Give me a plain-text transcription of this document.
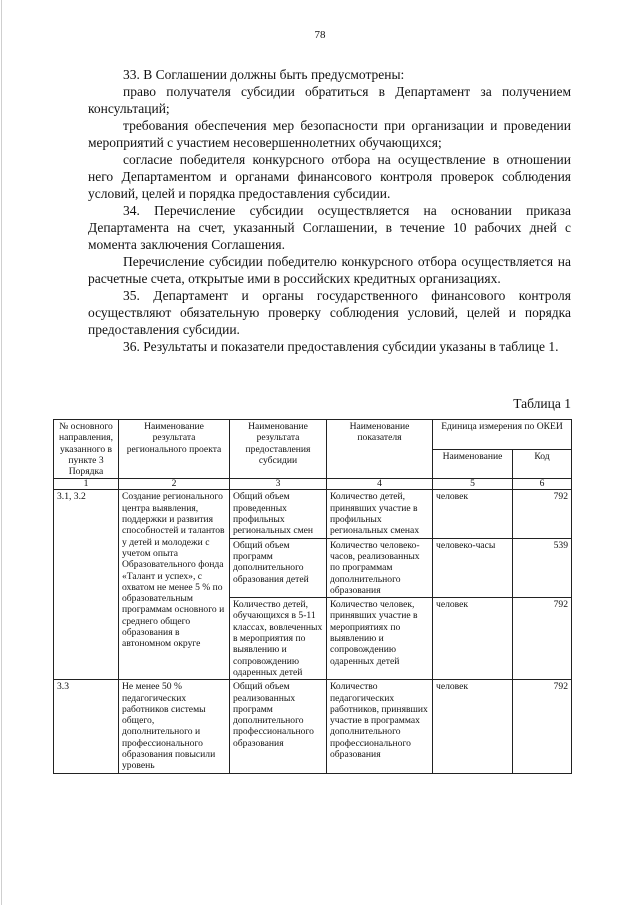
78

33. В Соглашении должны быть предусмотрены:

право получателя субсидии обратиться в Департамент за получением консультаций;

требования обеспечения мер безопасности при организации и проведении мероприятий с участием несовершеннолетних обучающихся;

согласие победителя конкурсного отбора на осуществление в отношении него Департаментом и органами финансового контроля проверок соблюдения условий, целей и порядка предоставления субсидии.

34. Перечисление субсидии осуществляется на основании приказа Департамента на счет, указанный Соглашении, в течение 10 рабочих дней с момента заключения Соглашения.

Перечисление субсидии победителю конкурсного отбора осуществляется на расчетные счета, открытые ими в российских кредитных организациях.

35. Департамент и органы государственного финансового контроля осуществляют обязательную проверку соблюдения условий, целей и порядка предоставления субсидии.

36. Результаты и показатели предоставления субсидии указаны в таблице 1.

Таблица 1
№ основного направления, указанного в пункте 3 Порядка	Наименование результата регионального проекта	Наименование результата предоставления субсидии	Наименование показателя	Единица измерения по ОКЕИ	
				Наименование	Код
1	2	3	4	5	6
3.1, 3.2	Создание регионального центра выявления, поддержки и развития способностей и талантов у детей и молодежи с учетом опыта Образовательного фонда «Талант и успех», с охватом не менее 5 % по образовательным программам основного и среднего общего образования в автономном округе	Общий объем проведенных профильных региональных смен	Количество детей, принявших участие в профильных региональных сменах	человек	792
		Общий объем программ дополнительного образования детей	Количество человеко-часов, реализованных по программам дополнительного образования	человеко-часы	539
		Количество детей, обучающихся в 5-11 классах, вовлеченных в мероприятия по выявлению и сопровождению одаренных детей	Количество человек, принявших участие в мероприятиях по выявлению и сопровождению одаренных детей	человек	792
3.3	Не менее 50 % педагогических работников системы общего, дополнительного и профессионального образования повысили уровень	Общий объем реализованных программ дополнительного профессионального образования	Количество педагогических работников, принявших участие в программах дополнительного профессионального образования	человек	792
